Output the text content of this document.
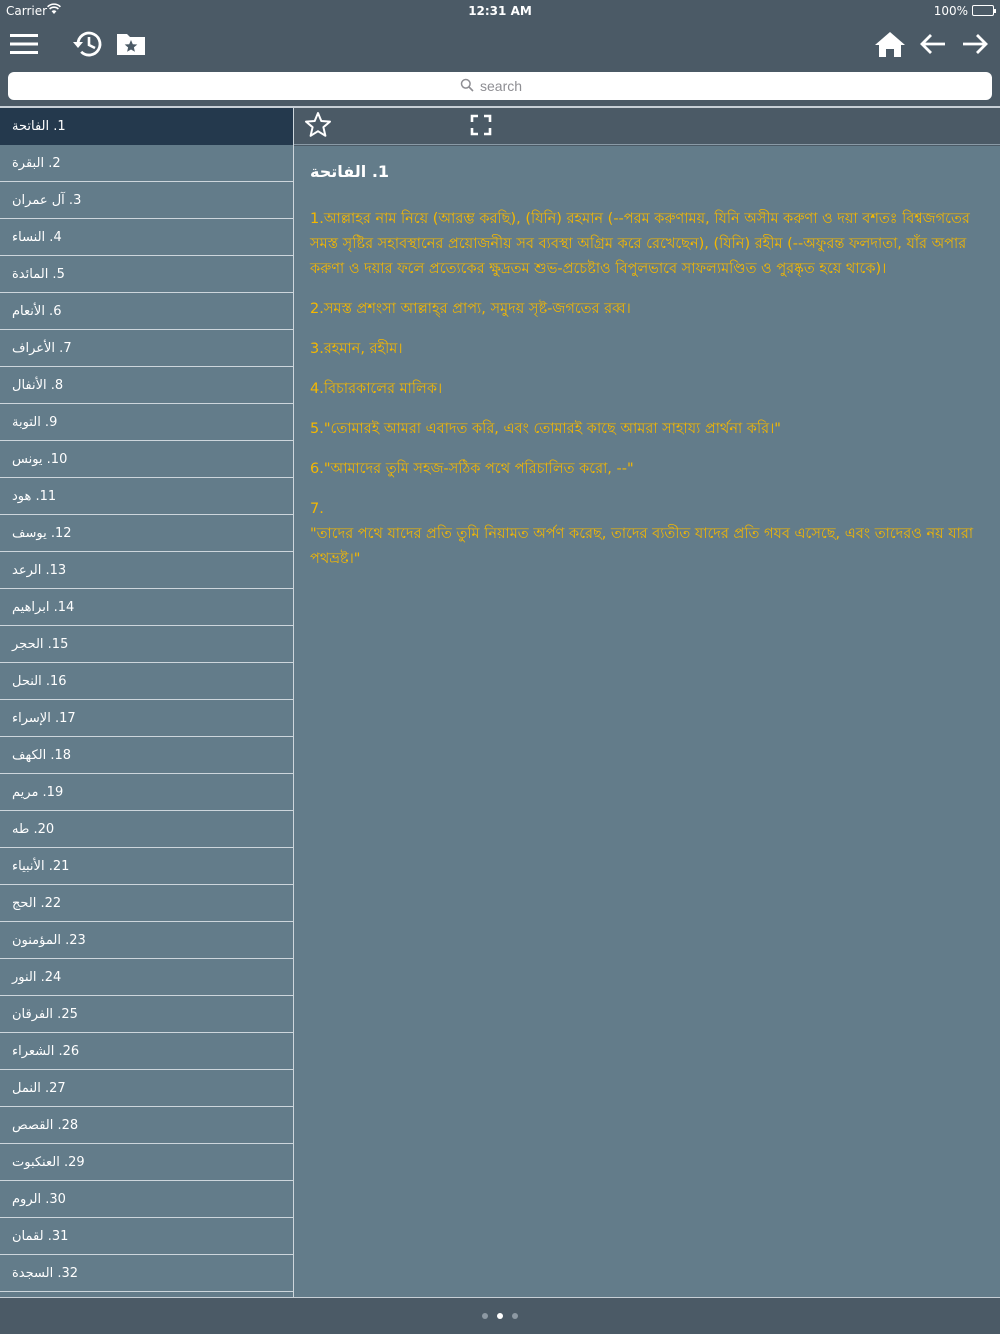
Carrier	12:31 AM	100%
search
1. الفاتحة
2. البقرة
3. آل عمران
4. النساء
5. المائدة
6. الأنعام
7. الأعراف
8. الأنفال
9. التوبة
10. يونس
11. هود
12. يوسف
13. الرعد
14. ابراهيم
15. الحجر
16. النحل
17. الإسراء
18. الكهف
19. مريم
20. طه
21. الأنبياء
22. الحج
23. المؤمنون
24. النور
25. الفرقان
26. الشعراء
27. النمل
28. القصص
29. العنكبوت
30. الروم
31. لقمان
32. السجدة
1. الفاتحة
1.আল্লাহর নাম নিয়ে (আরম্ভ করছি), (যিনি) রহমান (--পরম করুণাময়, যিনি অসীম করুণা ও দয়া বশতঃ বিশ্বজগতের সমস্ত সৃষ্টির সহাবস্থানের প্রয়োজনীয় সব ব্যবস্থা অগ্রিম করে রেখেছেন), (যিনি) রহীম (--অফুরন্ত ফলদাতা, যাঁর অপার করুণা ও দয়ার ফলে প্রত্যেকের ক্ষুদ্রতম শুভ-প্রচেষ্টাও বিপুলভাবে সাফল্যমণ্ডিত ও পুরষ্কৃত হয়ে থাকে)।
2.সমস্ত প্রশংসা আল্লাহ্‌র প্রাপ্য, সমুদয় সৃষ্ট-জগতের রব্ব।
3.রহমান, রহীম।
4.বিচারকালের মালিক।
5."তোমারই আমরা এবাদত করি, এবং তোমারই কাছে আমরা সাহায্য প্রার্থনা করি।"
6."আমাদের তুমি সহজ-সঠিক পথে পরিচালিত করো, --"
7.
"তাদের পথে যাদের প্রতি তুমি নিয়ামত অর্পণ করেছ, তাদের ব্যতীত যাদের প্রতি গযব এসেছে, এবং তাদেরও নয় যারা পথভ্রষ্ট।"
